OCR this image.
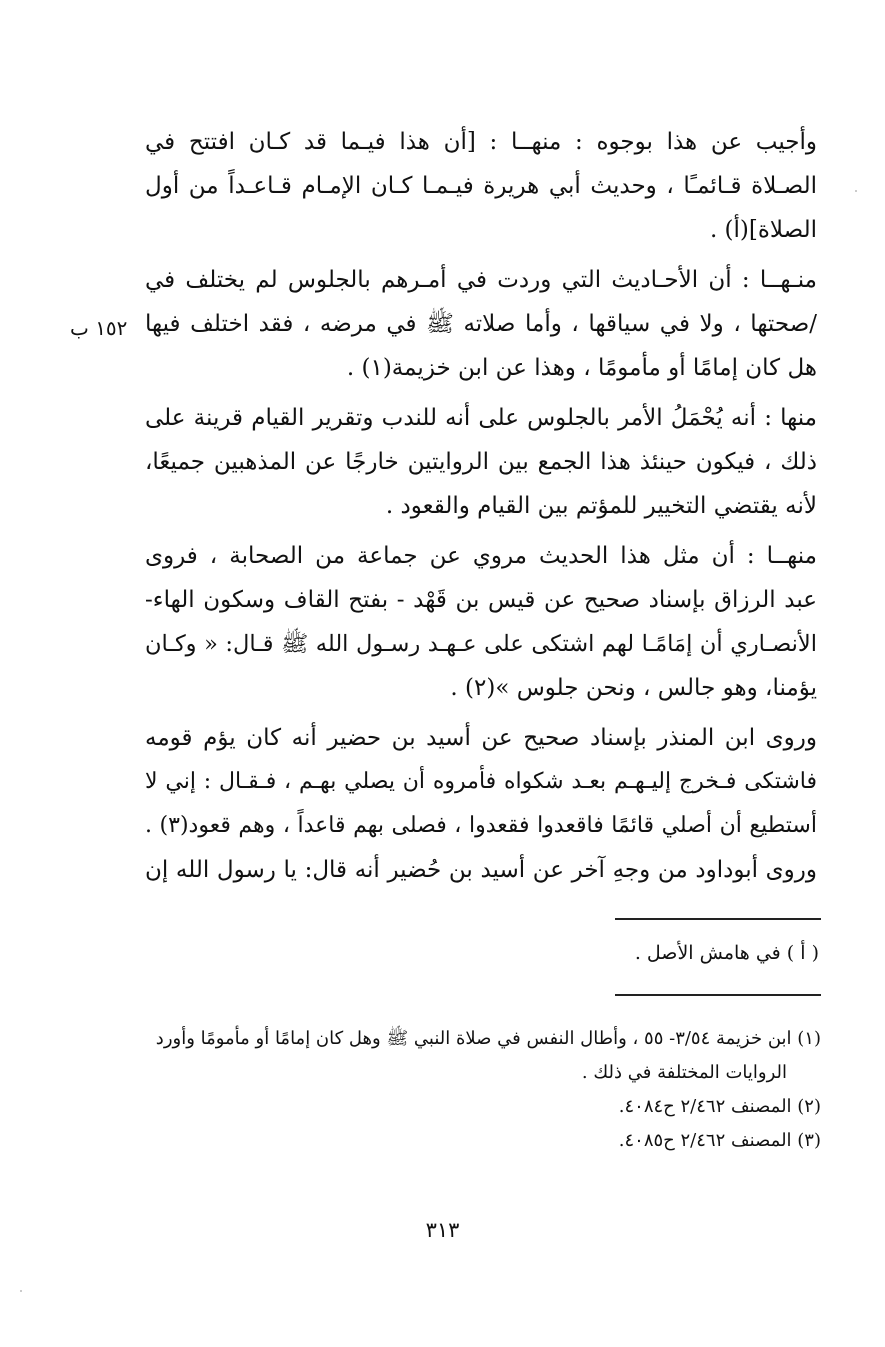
١٥٢ ب
وأجيب عن هذا بوجوه : منهــا : [أن هذا فيـما قد كـان افتتح في
الصـلاة قـائمـًا ، وحديث أبي هريرة فيـمـا كـان الإمـام قـاعـداً من أول
الصلاة](أ) .
منـهــا : أن الأحـاديث التي وردت في أمـرهم بالجلوس لم يختلف في
/صحتها ، ولا في سياقها ، وأما صلاته ﷺ في مرضه ، فقد اختلف فيها
هل كان إمامًا أو مأمومًا ، وهذا عن ابن خزيمة(١) .
منها : أنه يُحْمَلُ الأمر بالجلوس على أنه للندب وتقرير القيام قرينة على
ذلك ، فيكون حينئذ هذا الجمع بين الروايتين خارجًا عن المذهبين جميعًا،
لأنه يقتضي التخيير للمؤتم بين القيام والقعود .
منهــا : أن مثل هذا الحديث مروي عن جماعة من الصحابة ، فروى
عبد الرزاق بإسناد صحيح عن قيس بن قَهْد - بفتح القاف وسكون الهاء-
الأنصـاري أن إمَامًـا لهم اشتكى على عـهـد رسـول الله ﷺ قـال: « وكـان
يؤمنا، وهو جالس ، ونحن جلوس »(٢) .
وروى ابن المنذر بإسناد صحيح عن أسيد بن حضير أنه كان يؤم قومه
فاشتكى فـخرج إليـهـم بعـد شكواه فأمروه أن يصلي بهـم ، فـقـال : إني لا
أستطيع أن أصلي قائمًا فاقعدوا فقعدوا ، فصلى بهم قاعداً ، وهم قعود(٣) .
وروى أبوداود من وجهِ آخر عن أسيد بن حُضير أنه قال: يا رسول الله إن
( أ ) في هامش الأصل .
(١) ابن خزيمة ٣/٥٤- ٥٥ ، وأطال النفس في صلاة النبي ﷺ وهل كان إمامًا أو مأمومًا وأورد
الروايات المختلفة في ذلك .
(٢) المصنف ٢/٤٦٢ ح٤٠٨٤.
(٣) المصنف ٢/٤٦٢ ح٤٠٨٥.
٣١٣
